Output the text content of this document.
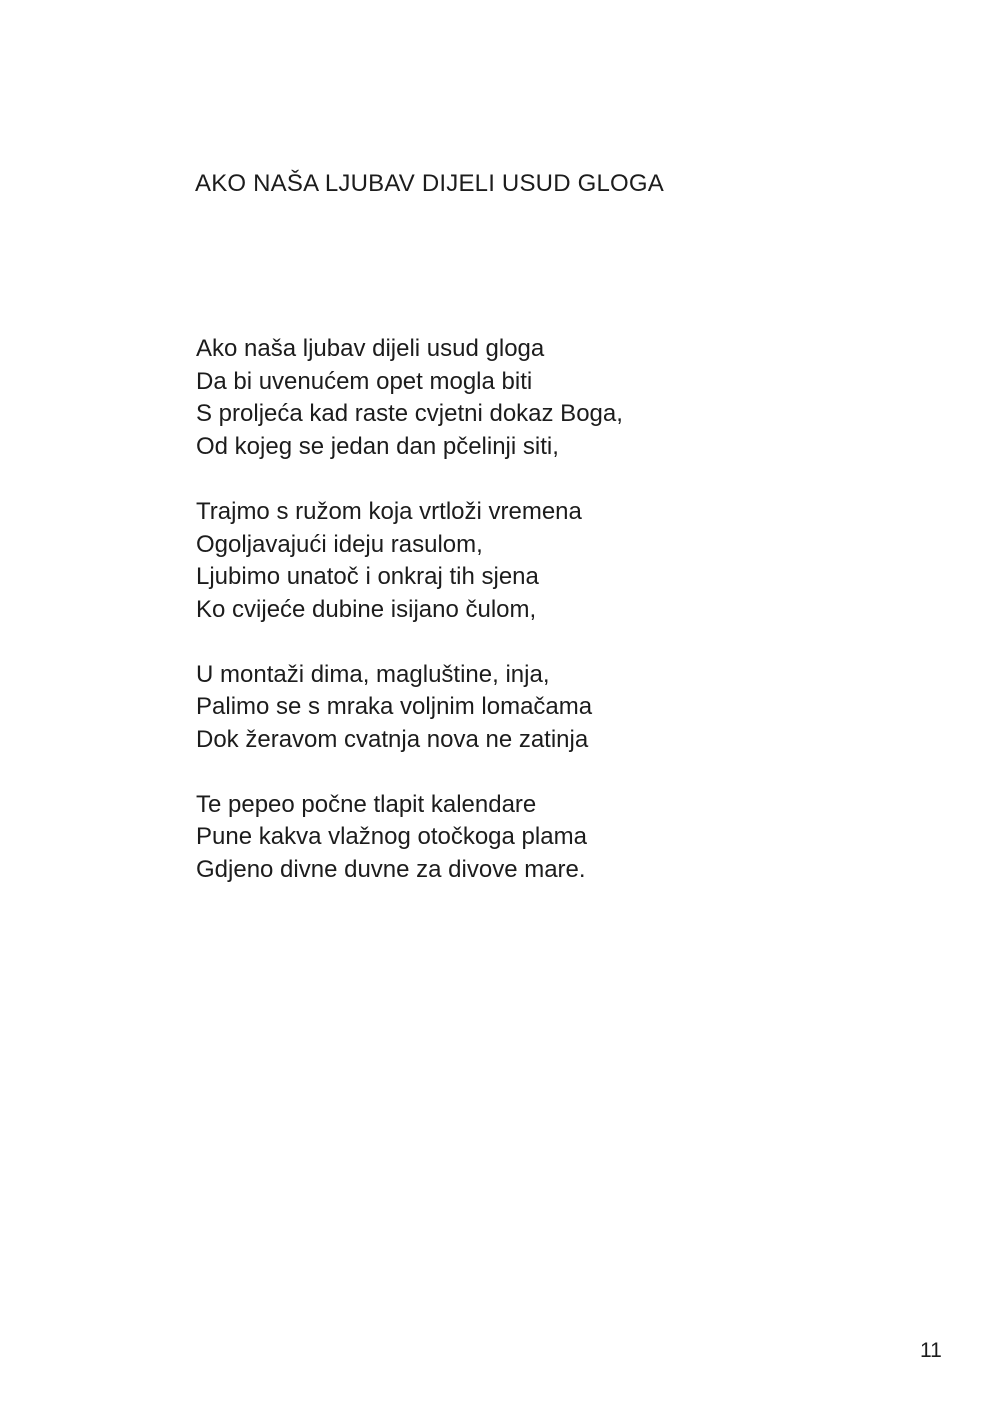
AKO NAŠA LJUBAV DIJELI USUD GLOGA
Ako naša ljubav dijeli usud gloga
Da bi uvenućem opet mogla biti
S proljeća kad raste cvjetni dokaz Boga,
Od kojeg se jedan dan pčelinji siti,
Trajmo s ružom koja vrtloži vremena
Ogoljavajući ideju rasulom,
Ljubimo unatoč i onkraj tih sjena
Ko cvijeće dubine isijano čulom,
U montaži dima, magluštine, inja,
Palimo se s mraka voljnim lomačama
Dok žeravom cvatnja nova ne zatinja
Te pepeo počne tlapit kalendare
Pune kakva vlažnog otočkoga plama
Gdjeno divne duvne za divove mare.
11
